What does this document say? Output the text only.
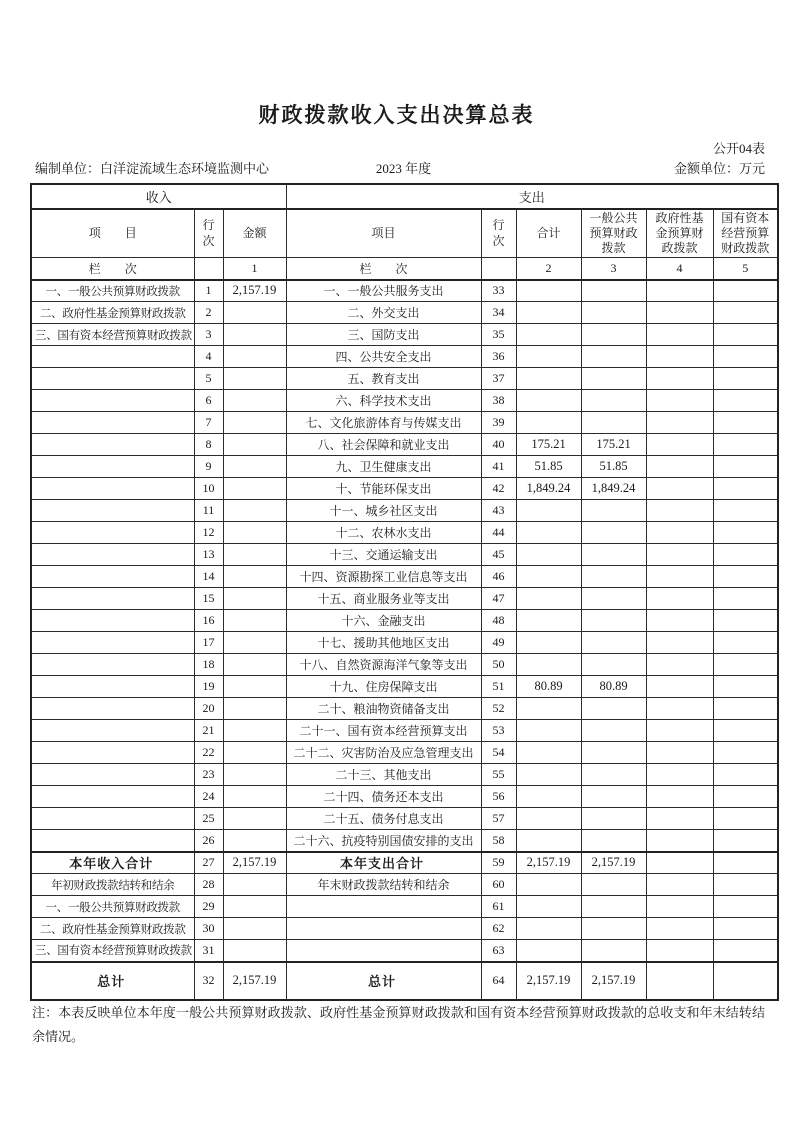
财政拨款收入支出决算总表
公开04表
编制单位：白洋淀流域生态环境监测中心	2023 年度	金额单位：万元
收入			支出					
项　　目	行次	金额	项目	行次	合计	一般公共预算财政拨款	政府性基金预算财政拨款	国有资本经营预算财政拨款
栏　　次		1	栏　　次		2	3	4	5
一、一般公共预算财政拨款	1	2,157.19	一、一般公共服务支出	33				
二、政府性基金预算财政拨款	2		二、外交支出	34				
三、国有资本经营预算财政拨款	3		三、国防支出	35				
	4		四、公共安全支出	36				
	5		五、教育支出	37				
	6		六、科学技术支出	38				
	7		七、文化旅游体育与传媒支出	39				
	8		八、社会保障和就业支出	40	175.21	175.21		
	9		九、卫生健康支出	41	51.85	51.85		
	10		十、节能环保支出	42	1,849.24	1,849.24		
	11		十一、城乡社区支出	43				
	12		十二、农林水支出	44				
	13		十三、交通运输支出	45				
	14		十四、资源勘探工业信息等支出	46				
	15		十五、商业服务业等支出	47				
	16		十六、金融支出	48				
	17		十七、援助其他地区支出	49				
	18		十八、自然资源海洋气象等支出	50				
	19		十九、住房保障支出	51	80.89	80.89		
	20		二十、粮油物资储备支出	52				
	21		二十一、国有资本经营预算支出	53				
	22		二十二、灾害防治及应急管理支出	54				
	23		二十三、其他支出	55				
	24		二十四、债务还本支出	56				
	25		二十五、债务付息支出	57				
	26		二十六、抗疫特别国债安排的支出	58				
本年收入合计	27	2,157.19	本年支出合计	59	2,157.19	2,157.19		
年初财政拨款结转和结余	28		年末财政拨款结转和结余	60				
一、一般公共预算财政拨款	29			61				
二、政府性基金预算财政拨款	30			62				
三、国有资本经营预算财政拨款	31			63				
总计	32	2,157.19	总计	64	2,157.19	2,157.19		
注：本表反映单位本年度一般公共预算财政拨款、政府性基金预算财政拨款和国有资本经营预算财政拨款的总收支和年末结转结余情况。
